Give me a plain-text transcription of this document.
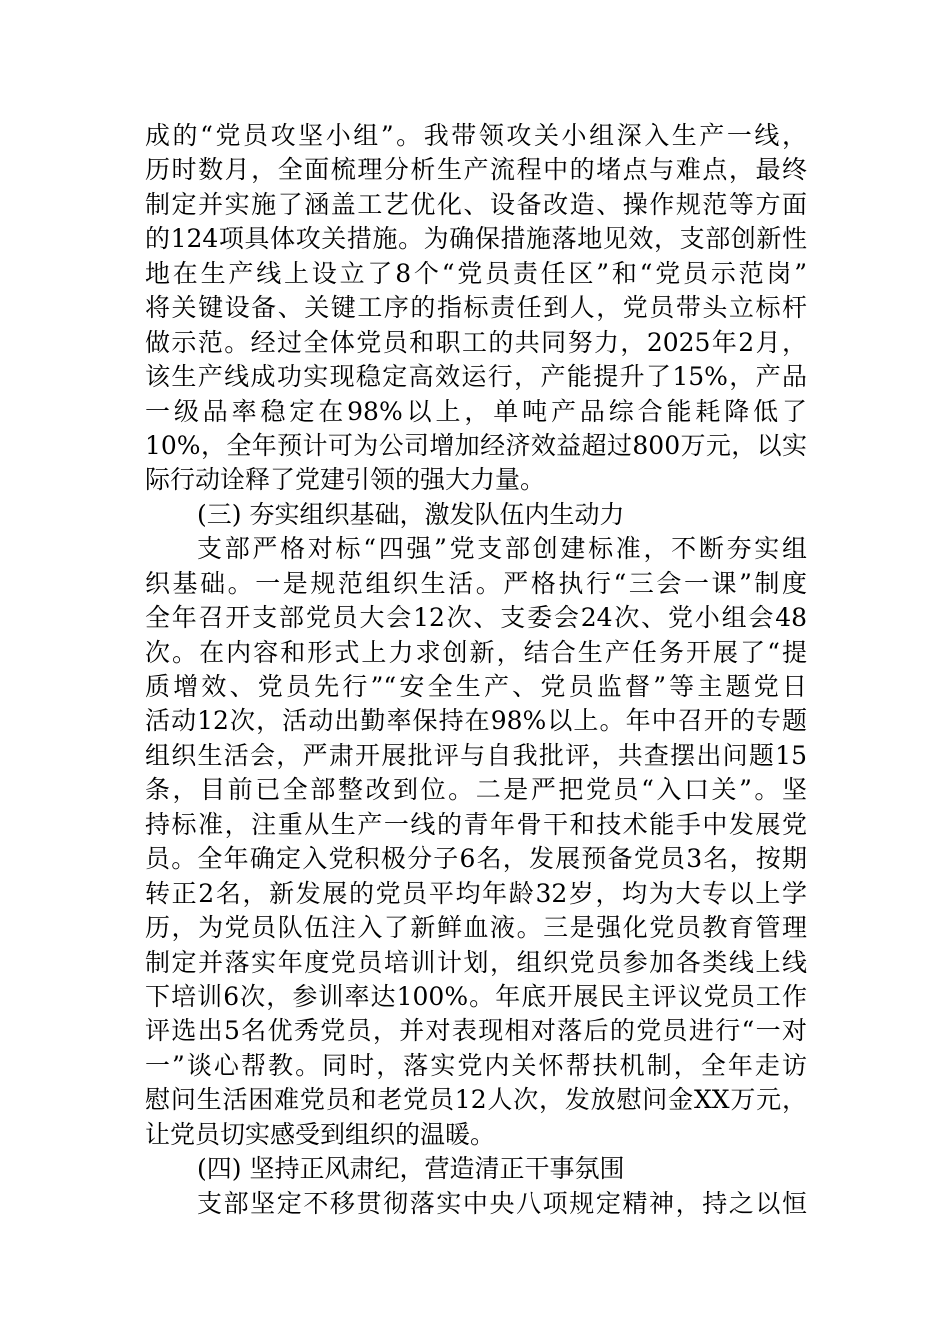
成的“党员攻坚小组”。我带领攻关小组深入生产一线，
历时数月，全面梳理分析生产流程中的堵点与难点，最终
制定并实施了涵盖工艺优化、设备改造、操作规范等方面
的124项具体攻关措施。为确保措施落地见效，支部创新性
地在生产线上设立了8个“党员责任区”和“党员示范岗”
将关键设备、关键工序的指标责任到人，党员带头立标杆
做示范。经过全体党员和职工的共同努力，2025年2月，
该生产线成功实现稳定高效运行，产能提升了15%，产品
一级品率稳定在98%以上，单吨产品综合能耗降低了
10%，全年预计可为公司增加经济效益超过800万元，以实
际行动诠释了党建引领的强大力量。
(三) 夯实组织基础，激发队伍内生动力
支部严格对标“四强”党支部创建标准，不断夯实组
织基础。一是规范组织生活。严格执行“三会一课”制度
全年召开支部党员大会12次、支委会24次、党小组会48
次。在内容和形式上力求创新，结合生产任务开展了“提
质增效、党员先行”“安全生产、党员监督”等主题党日
活动12次，活动出勤率保持在98%以上。年中召开的专题
组织生活会，严肃开展批评与自我批评，共查摆出问题15
条，目前已全部整改到位。二是严把党员“入口关”。坚
持标准，注重从生产一线的青年骨干和技术能手中发展党
员。全年确定入党积极分子6名，发展预备党员3名，按期
转正2名，新发展的党员平均年龄32岁，均为大专以上学
历，为党员队伍注入了新鲜血液。三是强化党员教育管理
制定并落实年度党员培训计划，组织党员参加各类线上线
下培训6次，参训率达100%。年底开展民主评议党员工作
评选出5名优秀党员，并对表现相对落后的党员进行“一对
一”谈心帮教。同时，落实党内关怀帮扶机制，全年走访
慰问生活困难党员和老党员12人次，发放慰问金XX万元，
让党员切实感受到组织的温暖。
(四) 坚持正风肃纪，营造清正干事氛围
支部坚定不移贯彻落实中央八项规定精神，持之以恒
